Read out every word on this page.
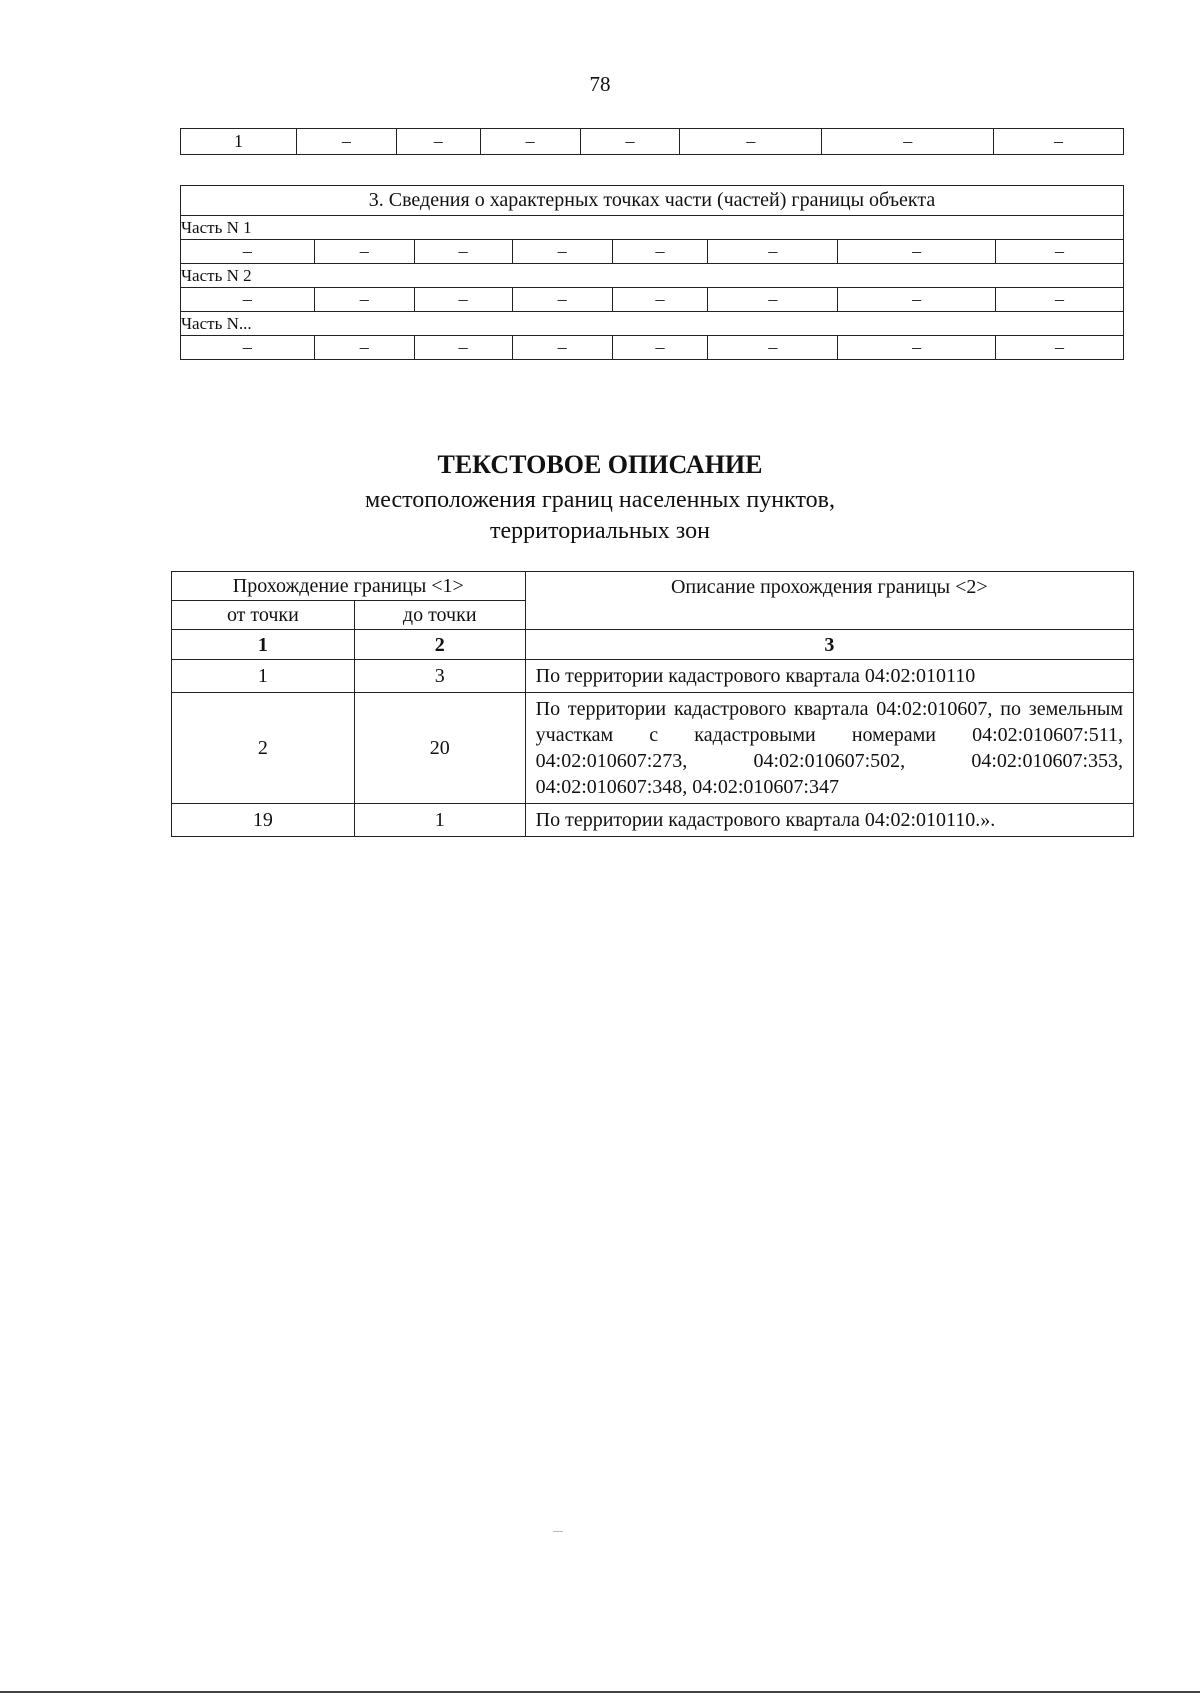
78
1	–	–	–	–	–	–	–
3. Сведения о характерных точках части (частей) границы объекта							
Часть N 1							
–	–	–	–	–	–	–	–
Часть N 2							
–	–	–	–	–	–	–	–
Часть N...							
–	–	–	–	–	–	–	–
ТЕКСТОВОЕ ОПИСАНИЕ
местоположения границ населенных пунктов,
территориальных зон
Прохождение границы <1>		Описание прохождения границы <2>
от точки	до точки	
1	2	3
1	3	По территории кадастрового квартала 04:02:010110
2	20	По территории кадастрового квартала 04:02:010607, по земельным участкам с кадастровыми номерами 04:02:010607:511, 04:02:010607:273, 04:02:010607:502, 04:02:010607:353, 04:02:010607:348, 04:02:010607:347
19	1	По территории кадастрового квартала 04:02:010110.».
